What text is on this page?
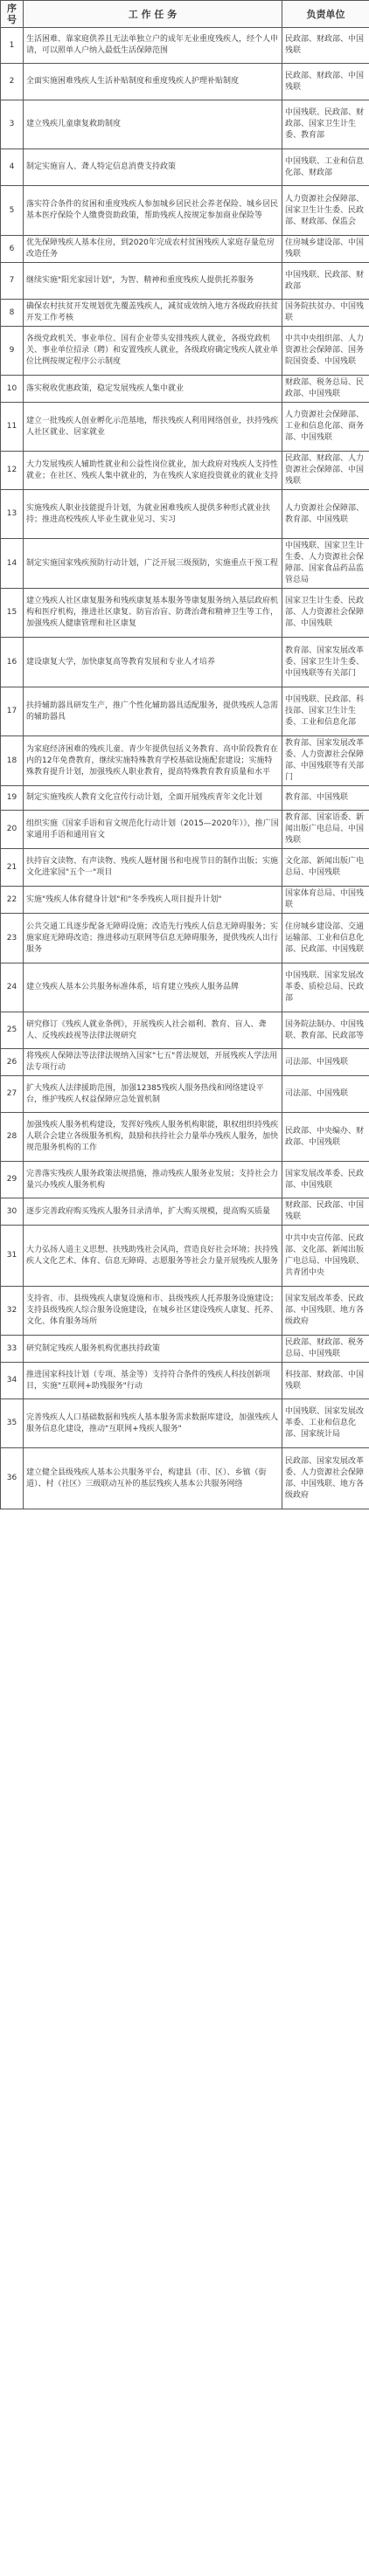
序号	工 作 任 务	负责单位
1	生活困难、靠家庭供养且无法单独立户的成年无业重度残疾人，经个人申请，可以照单人户纳入最低生活保障范围	民政部、财政部、中国残联
2	全面实施困难残疾人生活补贴制度和重度残疾人护理补贴制度	民政部、财政部、中国残联
3	建立残疾儿童康复救助制度	中国残联、民政部、财政部、国家卫生计生委、教育部
4	制定实施盲人、聋人特定信息消费支持政策	中国残联、工业和信息化部、财政部
5	落实符合条件的贫困和重度残疾人参加城乡居民社会养老保险、城乡居民基本医疗保险个人缴费资助政策，帮助残疾人按规定参加商业保险等	人力资源社会保障部、国家卫生计生委、民政部、财政部、保监会
6	优先保障残疾人基本住房，到2020年完成农村贫困残疾人家庭存量危房改造任务	住房城乡建设部、中国残联
7	继续实施"阳光家园计划"，为智、精神和重度残疾人提供托养服务	中国残联、民政部、财政部
8	确保农村扶贫开发规划优先覆盖残疾人，减贫成效纳入地方各级政府扶贫开发工作考核	国务院扶贫办、中国残联
9	各级党政机关、事业单位、国有企业带头安排残疾人就业，各级党政机关、事业单位招录（聘）和安置残疾人就业，各级政府确定残疾人就业单位比例按规定程序公示制度	中共中央组织部、人力资源社会保障部、国务院国资委、中国残联
10	落实税收优惠政策，稳定发展残疾人集中就业	财政部、税务总局、民政部、中国残联
11	建立一批残疾人创业孵化示范基地，帮扶残疾人利用网络创业，扶持残疾人社区就业、居家就业	人力资源社会保障部、工业和信息化部、商务部、中国残联
12	大力发展残疾人辅助性就业和公益性岗位就业，加大政府对残疾人支持性就业；在社区、残疾人集中就业的，为在残疾人家庭投资就业的就业支持	民政部、财政部、人力资源社会保障部、中国残联
13	实施残疾人职业技能提升计划，为就业困难残疾人提供多种形式就业扶持；推进高校残疾人毕业生就业见习、实习	人力资源社会保障部、教育部、中国残联
14	制定实施国家残疾预防行动计划，广泛开展三级预防，实施重点干预工程	中国残联、国家卫生计生委、人力资源社会保障部、国家食品药品监管总局
15	建立残疾人社区康复服务和残疾康复基本服务等康复服务纳入基层政府机构和医疗机构，推进社区康复、防盲治盲、防聋治聋和精神卫生等工作，加强残疾人健康管理和社区康复	国家卫生计生委、民政部、人力资源社会保障部、中国残联
16	建设康复大学，加快康复高等教育发展和专业人才培养	教育部、国家发展改革委、国家卫生计生委、中国残联等有关部门
17	扶持辅助器具研发生产，推广个性化辅助器具适配服务，提供残疾人急需的辅助器具	中国残联、民政部、科技部、国家卫生计生委、工业和信息化部
18	为家庭经济困难的残疾儿童、青少年提供包括义务教育、高中阶段教育在内的12年免费教育，继续实施特殊教育学校基础设施配套建设；实施特殊教育提升计划，加强残疾人职业教育，提高特殊教育教育质量和水平	教育部、国家发展改革委、人力资源社会保障部、中国残联等有关部门
19	制定实施残疾人教育文化宣传行动计划，全面开展残疾青年文化计划	教育部、中国残联
20	组织实施《国家手语和盲文规范化行动计划（2015—2020年）》，推广国家通用手语和通用盲文	教育部、国家语委、新闻出版广电总局、中国残联
21	扶持盲文读物、有声读物、残疾人题材图书和电视节目的制作出版；实施文化进家园"五个一"项目	文化部、新闻出版广电总局、中国残联
22	实施"残疾人体育健身计划"和"冬季残疾人项目提升计划"	国家体育总局、中国残联
23	公共交通工具逐步配备无障碍设施；改造先行残疾人信息无障碍服务；实施家庭无障碍改造；推进移动互联网等信息无障碍服务，提供残疾人出行服务	住房城乡建设部、交通运输部、工业和信息化部、民政部、中国残联
24	建立残疾人基本公共服务标准体系，培育建立残疾人服务品牌	中国残联、国家发展改革委、质检总局、民政部
25	研究修订《残疾人就业条例》，开展残疾人社会福利、教育、盲人、聋人、反残疾歧视等法律法规研究	国务院法制办、中国残联、教育部、民政部等
26	将残疾人保障法等法律法规纳入国家"七五"普法规划，开展残疾人学法用法专项行动	司法部、中国残联
27	扩大残疾人法律援助范围，加强12385残疾人服务热线和网络建设平台，维护残疾人权益保障应急处置机制	司法部、中国残联
28	加强残疾人服务机构建设，发挥好残疾人服务机构职能，职权组织持残疾人联合会建立各级服务机构，鼓励和扶持社会力量举办残疾人服务，加快规范服务机构的工作	民政部、中央编办、财政部、中国残联
29	完善落实残疾人服务政策法规措施，推动残疾人服务业发展；支持社会力量兴办残疾人服务机构	国家发展改革委、民政部、中国残联
30	逐步完善政府购买残疾人服务目录清单，扩大购买规模，提高购买质量	财政部、民政部、中国残联
31	大力弘扬人道主义思想、扶残助残社会风尚，营造良好社会环境；扶持残疾人文化艺术、体育、信息无障碍、志愿服务等社会力量开展残疾人服务	中共中央宣传部、民政部、文化部、新闻出版广电总局、中国残联、共青团中央
32	支持省、市、县级残疾人康复设施和市、县级残疾人托养服务设施建设；支持县级残疾人综合服务设施建设，在城乡社区建设残疾人康复、托养、文化、体育服务场所	国家发展改革委、民政部、中国残联、地方各级政府
33	研究制定残疾人服务机构优惠扶持政策	民政部、财政部、税务总局、中国残联
34	推进国家科技计划（专项、基金等）支持符合条件的残疾人科技创新项目，实施"互联网+助残服务"行动	科技部、财政部、中国残联
35	完善残疾人人口基础数据和残疾人基本服务需求数据库建设，加强残疾人服务信息化建设，推动"互联网+残疾人服务"	中国残联、国家发展改革委、工业和信息化部、国家统计局
36	建立健全县级残疾人基本公共服务平台，构建县（市、区）、乡镇（街道）、村（社区）三级联动互补的基层残疾人基本公共服务网络	民政部、国家发展改革委、人力资源社会保障部、中国残联、地方各级政府
